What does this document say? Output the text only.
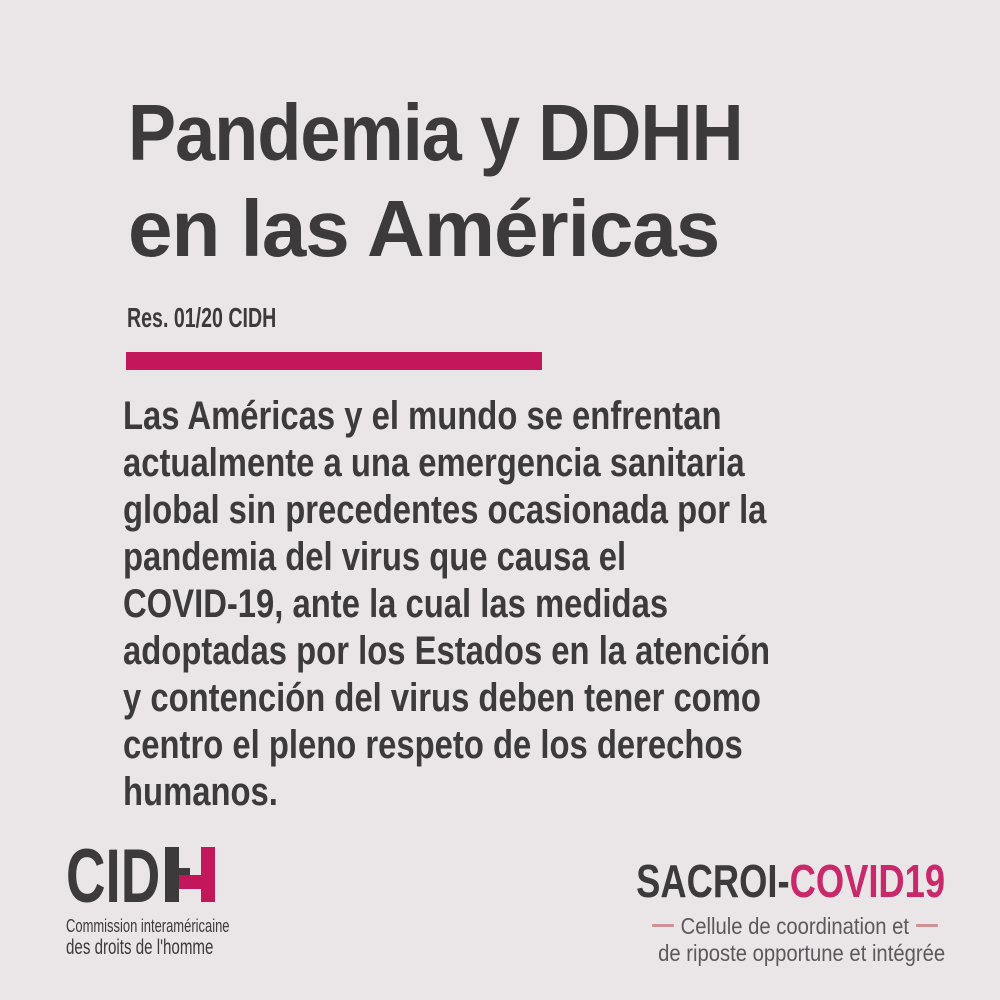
Pandemia y DDHH
en las Américas
Res. 01/20 CIDH
Las Américas y el mundo se enfrentan
actualmente a una emergencia sanitaria
global sin precedentes ocasionada por la
pandemia del virus que causa el
COVID-19, ante la cual las medidas
adoptadas por los Estados en la atención
y contención del virus deben tener como
centro el pleno respeto de los derechos
humanos.
CID
Commission interaméricaine
des droits de l'homme
SACROI-COVID19
Cellule de coordination et
de riposte opportune et intégrée
